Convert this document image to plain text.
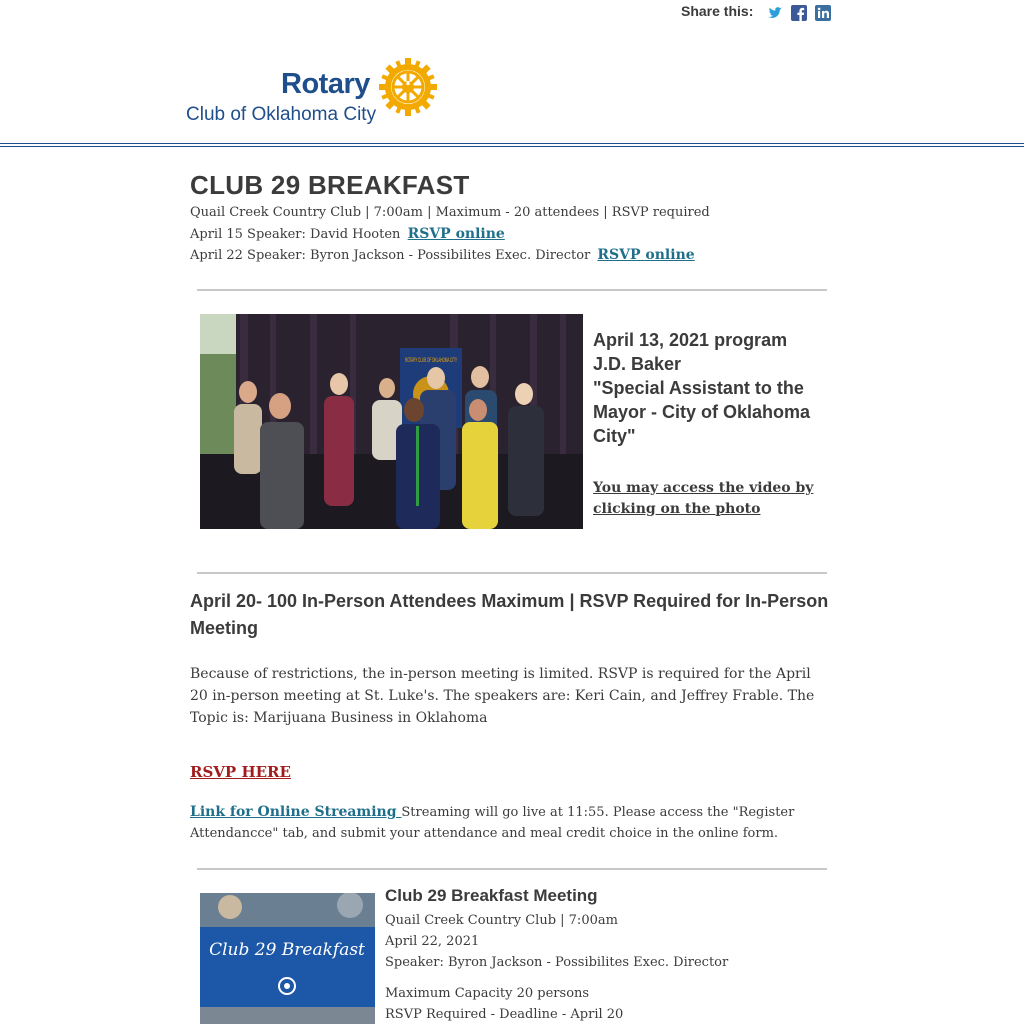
Share this:
Rotary
Club of Oklahoma City
CLUB 29 BREAKFAST
Quail Creek Country Club | 7:00am | Maximum - 20 attendees | RSVP required
April 15 Speaker: David Hooten RSVP online
April 22 Speaker: Byron Jackson - Possibilites Exec. Director RSVP online
ROTARY CLUB OF OKLAHOMA CITY
April 13, 2021 program
J.D. Baker
"Special Assistant to the Mayor - City of Oklahoma City"
You may access the video by clicking on the photo
April 20- 100 In-Person Attendees Maximum | RSVP Required for In-Person Meeting
Because of restrictions, the in-person meeting is limited. RSVP is required for the April 20 in-person meeting at St. Luke's. The speakers are: Keri Cain, and Jeffrey Frable. The Topic is: Marijuana Business in Oklahoma
RSVP HERE
Link for Online Streaming Streaming will go live at 11:55. Please access the "Register Attendancce" tab, and submit your attendance and meal credit choice in the online form.
Club 29 Breakfast
Club 29 Breakfast Meeting
Quail Creek Country Club | 7:00am
April 22, 2021
Speaker: Byron Jackson - Possibilites Exec. Director
Maximum Capacity 20 persons
RSVP Required - Deadline - April 20
